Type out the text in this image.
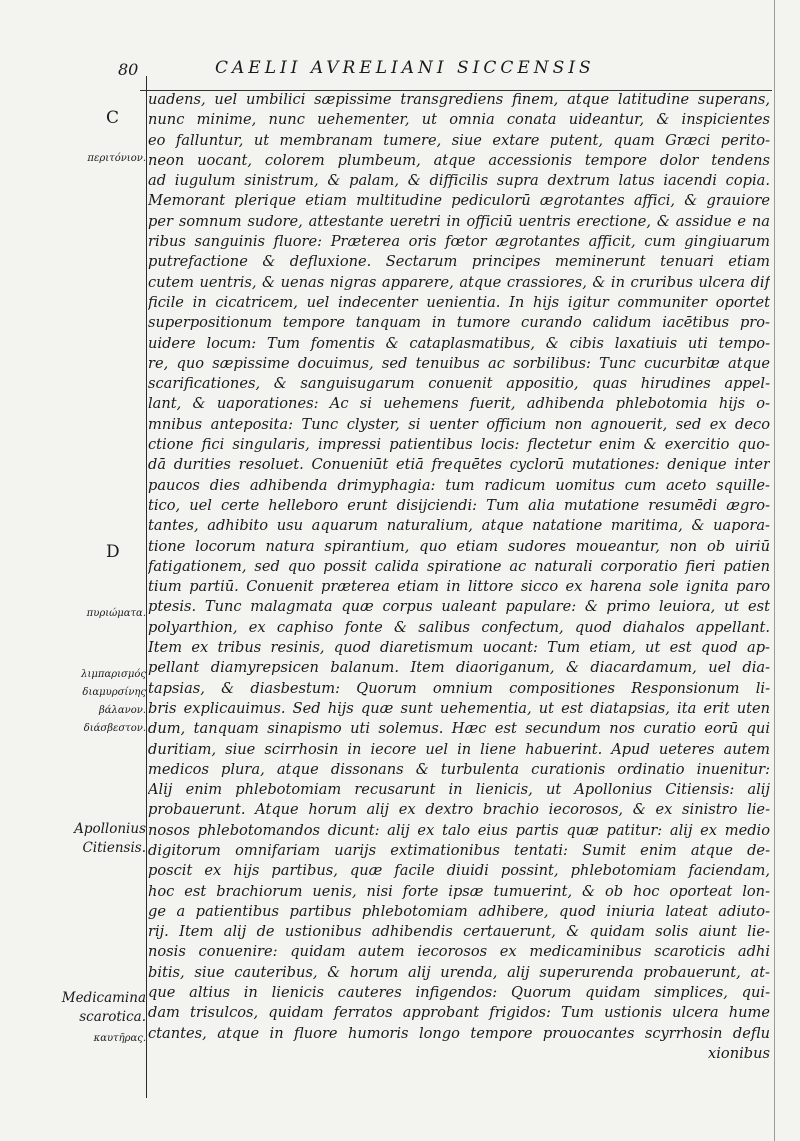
80	CAELII AVRELIANI SICCENSIS
C
D
περιτόνιον.
πυριώματα.
λιμπαρισμός
διαμυρσίνης
βάλανον.
διάσβεστον.
Apollonius
Citiensis.
Medicamina
scarotica.
καυτῆρας.
uadens, uel umbilici sæpissime transgrediens finem, atque latitudine superans,
nunc minime, nunc uehementer, ut omnia conata uideantur, & inspicientes
eo falluntur, ut membranam tumere, siue extare putent, quam Græci perito-
neon uocant, colorem plumbeum, atque accessionis tempore dolor tendens
ad iugulum sinistrum, & palam, & difficilis supra dextrum latus iacendi copia.
Memorant plerique etiam multitudine pediculorū ægrotantes affici, & grauiore
per somnum sudore, attestante ueretri in officiū uentris erectione, & assidue e na
ribus sanguinis fluore: Præterea oris fœtor ægrotantes afficit, cum gingiuarum
putrefactione & defluxione. Sectarum principes meminerunt tenuari etiam
cutem uentris, & uenas nigras apparere, atque crassiores, & in cruribus ulcera dif
ficile in cicatricem, uel indecenter uenientia. In hijs igitur communiter oportet
superpositionum tempore tanquam in tumore curando calidum iacētibus pro-
uidere locum: Tum fomentis & cataplasmatibus, & cibis laxatiuis uti tempo-
re, quo sæpissime docuimus, sed tenuibus ac sorbilibus: Tunc cucurbitæ atque
scarificationes, & sanguisugarum conuenit appositio, quas hirudines appel-
lant, & uaporationes: Ac si uehemens fuerit, adhibenda phlebotomia hijs o-
mnibus anteposita: Tunc clyster, si uenter officium non agnouerit, sed ex deco
ctione fici singularis, impressi patientibus locis: flectetur enim & exercitio quo-
dā durities resoluet. Conueniūt etiā frequētes cyclorū mutationes: denique inter
paucos dies adhibenda drimyphagia: tum radicum uomitus cum aceto squille-
tico, uel certe helleboro erunt disijciendi: Tum alia mutatione resumēdi ægro-
tantes, adhibito usu aquarum naturalium, atque natatione maritima, & uapora-
tione locorum natura spirantium, quo etiam sudores moueantur, non ob uiriū
fatigationem, sed quo possit calida spiratione ac naturali corporatio fieri patien
tium partiū. Conuenit præterea etiam in littore sicco ex harena sole ignita paro
ptesis. Tunc malagmata quæ corpus ualeant papulare: & primo leuiora, ut est
polyarthion, ex caphiso fonte & salibus confectum, quod diahalos appellant.
Item ex tribus resinis, quod diaretismum uocant: Tum etiam, ut est quod ap-
pellant diamyrepsicen balanum. Item diaoriganum, & diacardamum, uel dia-
tapsias, & diasbestum: Quorum omnium compositiones Responsionum li-
bris explicauimus. Sed hijs quæ sunt uehementia, ut est diatapsias, ita erit uten
dum, tanquam sinapismo uti solemus. Hæc est secundum nos curatio eorū qui
duritiam, siue scirrhosin in iecore uel in liene habuerint. Apud ueteres autem
medicos plura, atque dissonans & turbulenta curationis ordinatio inuenitur:
Alij enim phlebotomiam recusarunt in lienicis, ut Apollonius Citiensis: alij
probauerunt. Atque horum alij ex dextro brachio iecorosos, & ex sinistro lie-
nosos phlebotomandos dicunt: alij ex talo eius partis quæ patitur: alij ex medio
digitorum omnifariam uarijs extimationibus tentati: Sumit enim atque de-
poscit ex hijs partibus, quæ facile diuidi possint, phlebotomiam faciendam,
hoc est brachiorum uenis, nisi forte ipsæ tumuerint, & ob hoc oporteat lon-
ge a patientibus partibus phlebotomiam adhibere, quod iniuria lateat adiuto-
rij. Item alij de ustionibus adhibendis certauerunt, & quidam solis aiunt lie-
nosis conuenire: quidam autem iecorosos ex medicaminibus scaroticis adhi
bitis, siue cauteribus, & horum alij urenda, alij superurenda probauerunt, at-
que altius in lienicis cauteres infigendos: Quorum quidam simplices, qui-
dam trisulcos, quidam ferratos approbant frigidos: Tum ustionis ulcera hume
ctantes, atque in fluore humoris longo tempore prouocantes scyrrhosin deflu
xionibus
